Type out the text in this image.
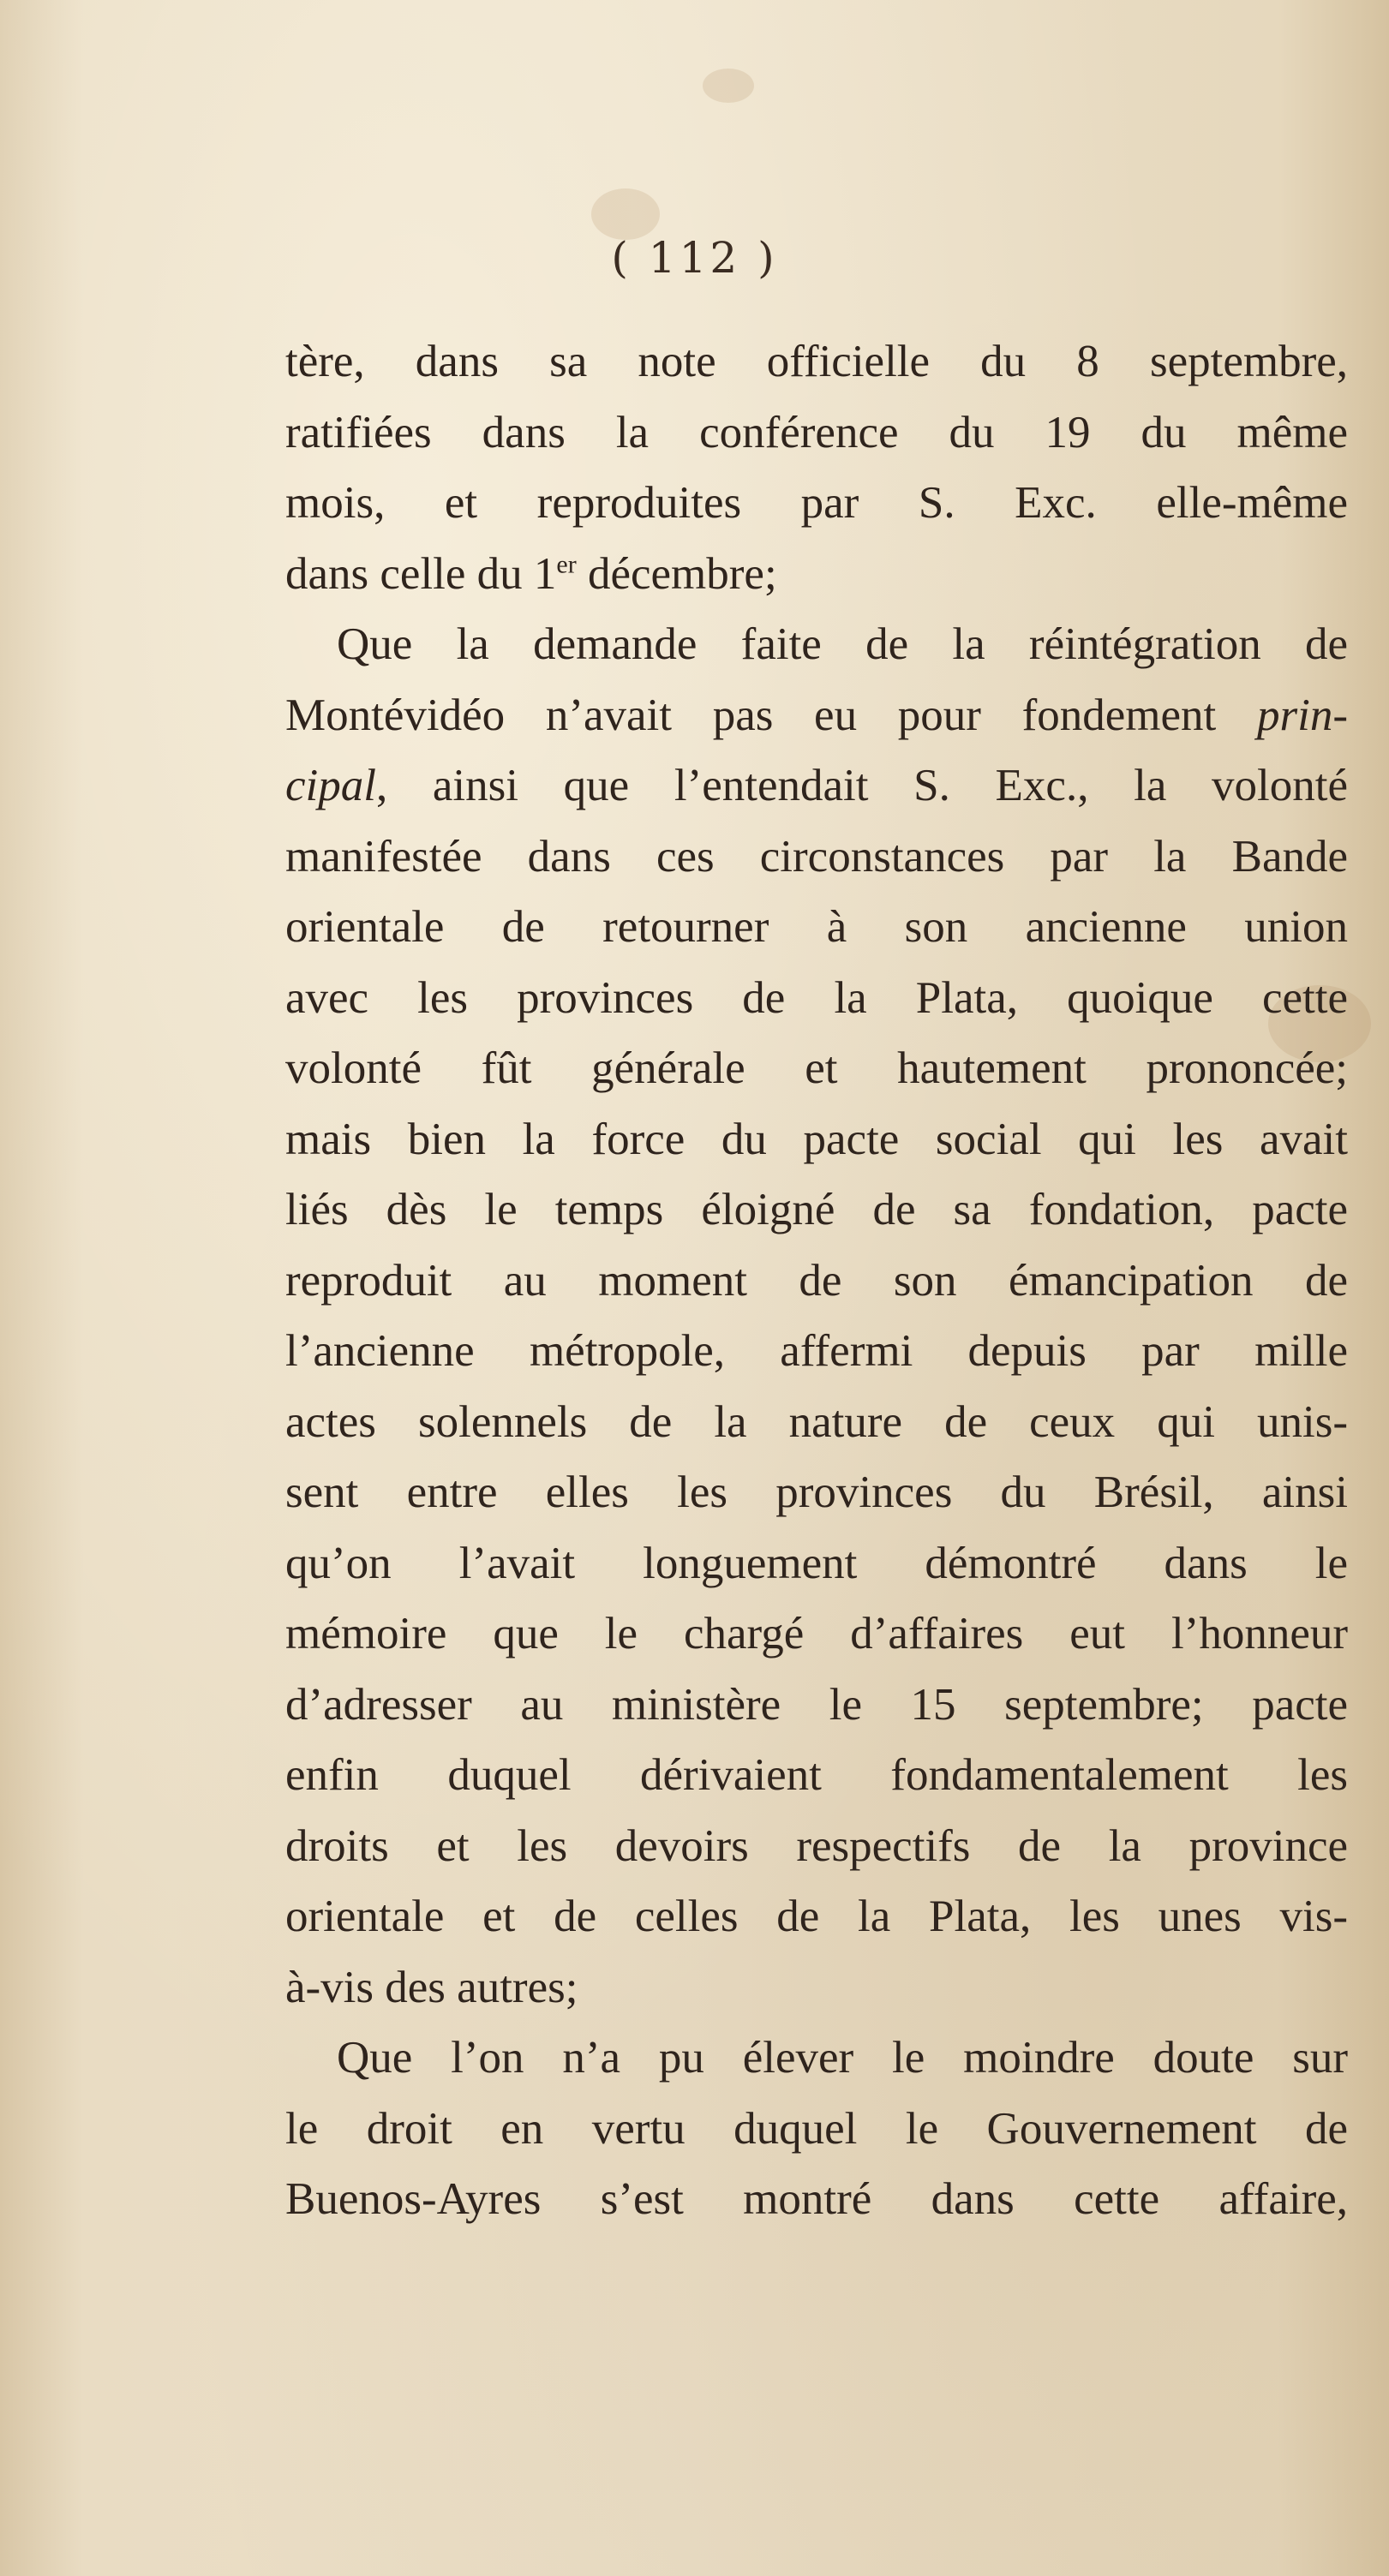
( 112 )
tère, dans sa note officielle du 8 septembre,
ratifiées dans la conférence du 19 du même
mois, et reproduites par S. Exc. elle-même
dans celle du 1er décembre;
Que la demande faite de la réintégration de
Montévidéo n’avait pas eu pour fondement prin-
cipal, ainsi que l’entendait S. Exc., la volonté
manifestée dans ces circonstances par la Bande
orientale de retourner à son ancienne union
avec les provinces de la Plata, quoique cette
volonté fût générale et hautement prononcée;
mais bien la force du pacte social qui les avait
liés dès le temps éloigné de sa fondation, pacte
reproduit au moment de son émancipation de
l’ancienne métropole, affermi depuis par mille
actes solennels de la nature de ceux qui unis-
sent entre elles les provinces du Brésil, ainsi
qu’on l’avait longuement démontré dans le
mémoire que le chargé d’affaires eut l’honneur
d’adresser au ministère le 15 septembre; pacte
enfin duquel dérivaient fondamentalement les
droits et les devoirs respectifs de la province
orientale et de celles de la Plata, les unes vis-
à-vis des autres;
Que l’on n’a pu élever le moindre doute sur
le droit en vertu duquel le Gouvernement de
Buenos-Ayres s’est montré dans cette affaire,
